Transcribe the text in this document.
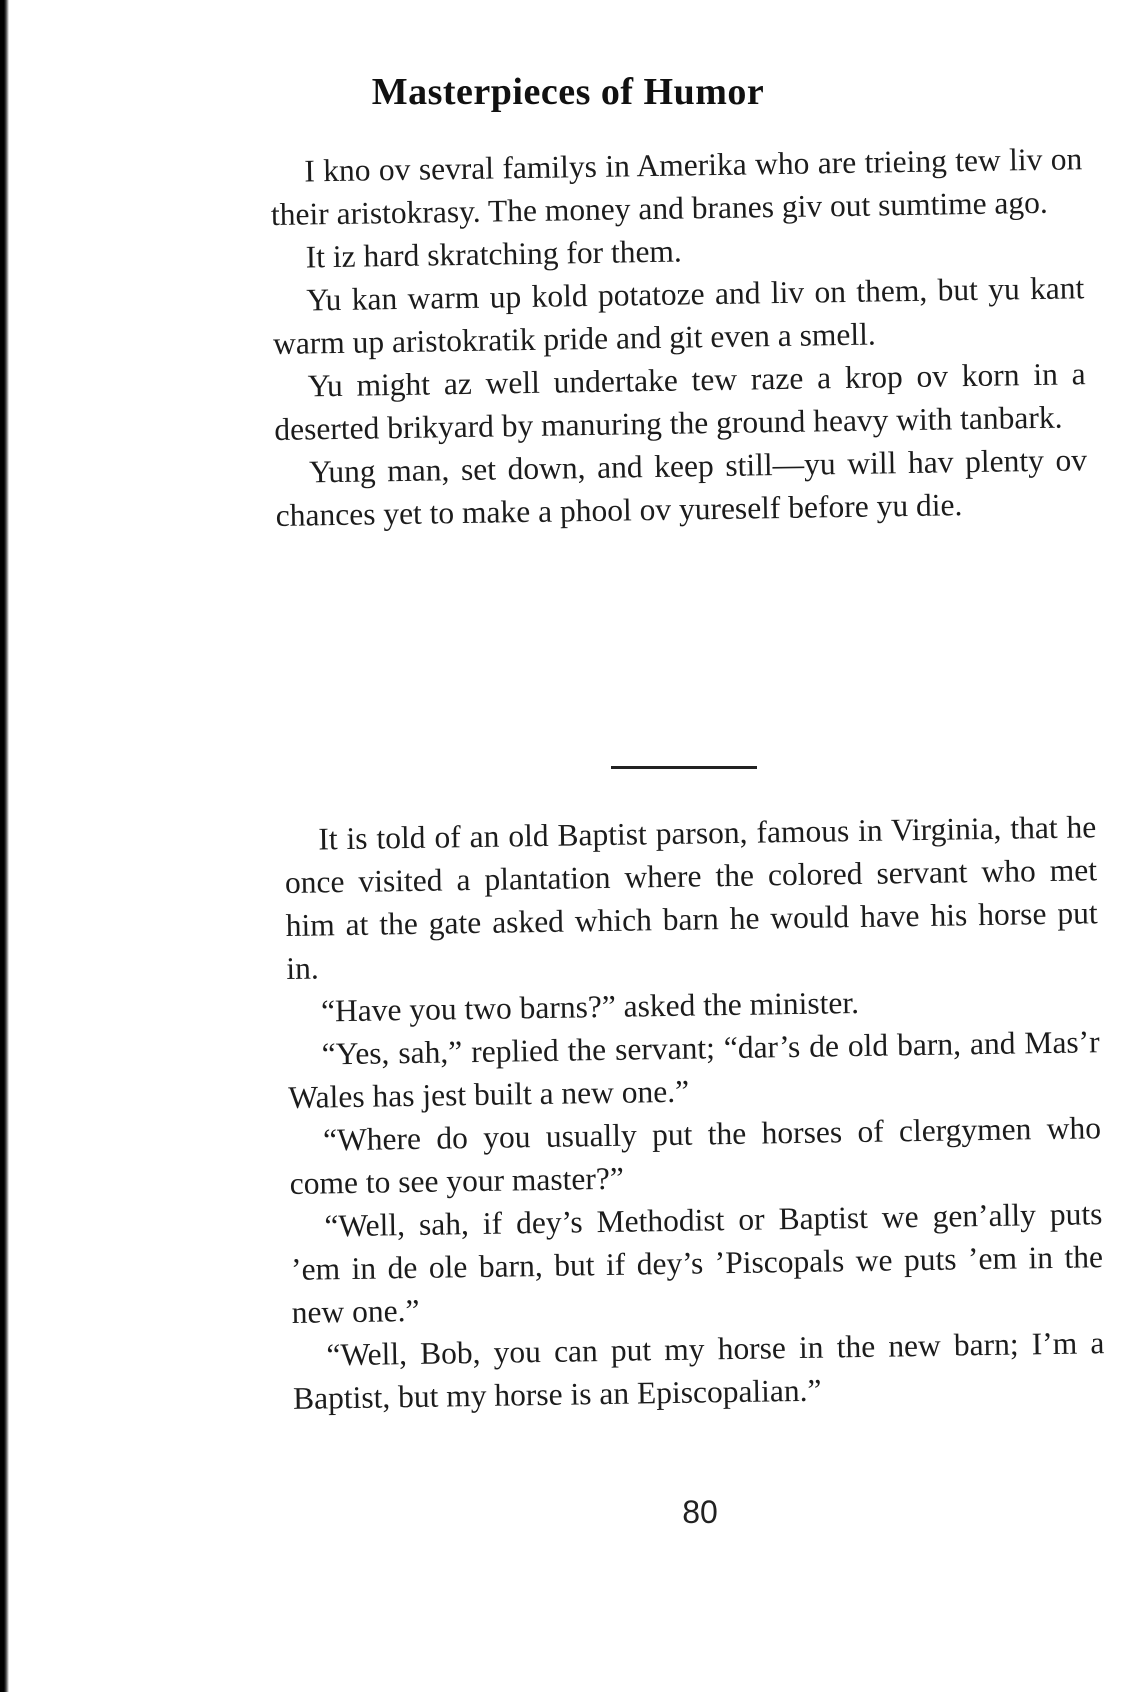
Masterpieces of Humor

I kno ov sevral familys in Amerika who are trieing tew liv on their aristokrasy. The money and branes giv out sumtime ago.

It iz hard skratching for them.

Yu kan warm up kold potatoze and liv on them, but yu kant warm up aristokratik pride and git even a smell.

Yu might az well undertake tew raze a krop ov korn in a deserted brikyard by manuring the ground heavy with tanbark.

Yung man, set down, and keep still—yu will hav plenty ov chances yet to make a phool ov yureself before yu die.

It is told of an old Baptist parson, famous in Virginia, that he once visited a plantation where the colored servant who met him at the gate asked which barn he would have his horse put in.

“Have you two barns?” asked the minister.

“Yes, sah,” replied the servant; “dar’s de old barn, and Mas’r Wales has jest built a new one.”

“Where do you usually put the horses of clergymen who come to see your master?”

“Well, sah, if dey’s Methodist or Baptist we gen’ally puts ’em in de ole barn, but if dey’s ’Piscopals we puts ’em in the new one.”

“Well, Bob, you can put my horse in the new barn; I’m a Baptist, but my horse is an Episcopalian.”

80
